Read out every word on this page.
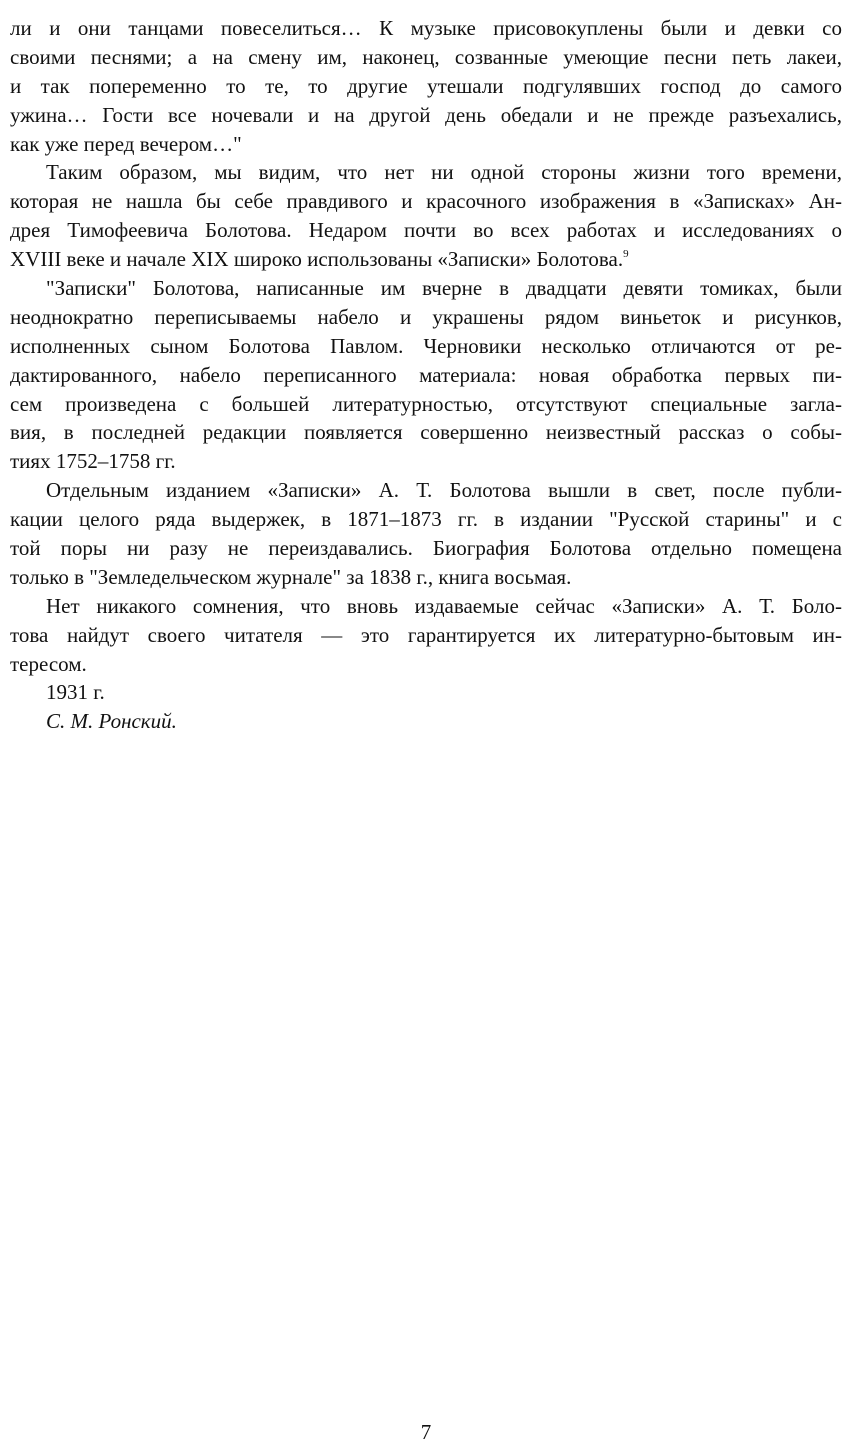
ли и они танцами повеселиться… К музыке присовокуплены были и девки со
своими песнями; а на смену им, наконец, созванные умеющие песни петь лакеи,
и так попеременно то те, то другие утешали подгулявших господ до самого
ужина… Гости все ночевали и на другой день обедали и не прежде разъехались,
как уже перед вечером…"
Таким образом, мы видим, что нет ни одной стороны жизни того времени,
которая не нашла бы себе правдивого и красочного изображения в «Записках» Ан-
дрея Тимофеевича Болотова. Недаром почти во всех работах и исследованиях о
XVIII веке и начале XIX широко использованы «Записки» Болотова.$^9$
"Записки" Болотова, написанные им вчерне в двадцати девяти томиках, были
неоднократно переписываемы набело и украшены рядом виньеток и рисунков,
исполненных сыном Болотова Павлом. Черновики несколько отличаются от ре-
дактированного, набело переписанного материала: новая обработка первых пи-
сем произведена с большей литературностью, отсутствуют специальные загла-
вия, в последней редакции появляется совершенно неизвестный рассказ о собы-
тиях 1752–1758 гг.
Отдельным изданием «Записки» А. Т. Болотова вышли в свет, после публи-
кации целого ряда выдержек, в 1871–1873 гг. в издании "Русской старины" и с
той поры ни разу не переиздавались. Биография Болотова отдельно помещена
только в "Земледельческом журнале" за 1838 г., книга восьмая.
Нет никакого сомнения, что вновь издаваемые сейчас «Записки» А. Т. Боло-
това найдут своего читателя — это гарантируется их литературно-бытовым ин-
тересом.
1931 г.
С. М. Ронский.
7
